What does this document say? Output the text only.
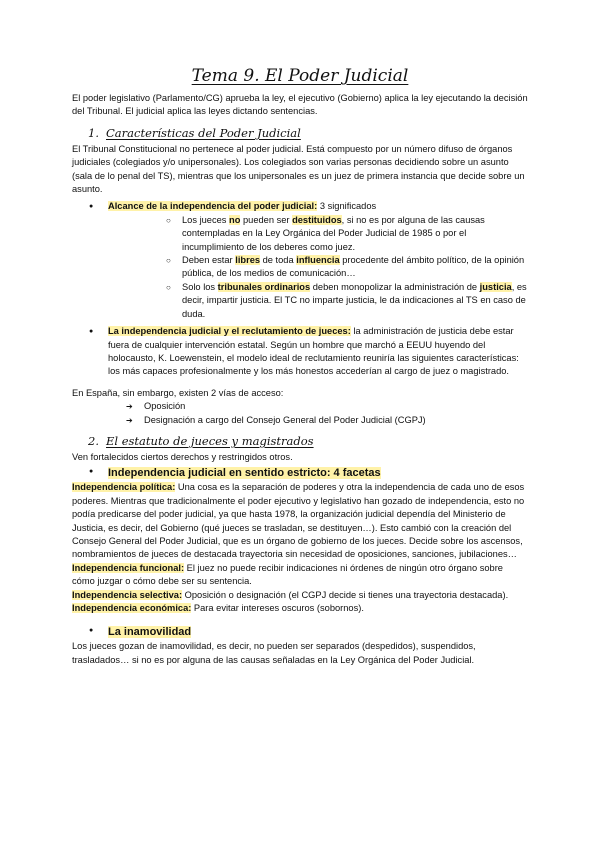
Tema 9. El Poder Judicial

El poder legislativo (Parlamento/CG) aprueba la ley, el ejecutivo (Gobierno) aplica la ley ejecutando la decisión del Tribunal. El judicial aplica las leyes dictando sentencias.

1. Características del Poder Judicial

El Tribunal Constitucional no pertenece al poder judicial. Está compuesto por un número difuso de órganos judiciales (colegiados y/o unipersonales). Los colegiados son varias personas decidiendo sobre un asunto (sala de lo penal del TS), mientras que los unipersonales es un juez de primera instancia que decide sobre un asunto.

● Alcance de la independencia del poder judicial: 3 significados
○ Los jueces no pueden ser destituidos, si no es por alguna de las causas contempladas en la Ley Orgánica del Poder Judicial de 1985 o por el incumplimiento de los deberes como juez.
○ Deben estar libres de toda influencia procedente del ámbito político, de la opinión pública, de los medios de comunicación…
○ Solo los tribunales ordinarios deben monopolizar la administración de justicia, es decir, impartir justicia. El TC no imparte justicia, le da indicaciones al TS en caso de duda.
● La independencia judicial y el reclutamiento de jueces: la administración de justicia debe estar fuera de cualquier intervención estatal. Según un hombre que marchó a EEUU huyendo del holocausto, K. Loewenstein, el modelo ideal de reclutamiento reuniría las siguientes características: los más capaces profesionalmente y los más honestos accederían al cargo de juez o magistrado.

En España, sin embargo, existen 2 vías de acceso:

➔ Oposición
➔ Designación a cargo del Consejo General del Poder Judicial (CGPJ)
2. El estatuto de jueces y magistrados

Ven fortalecidos ciertos derechos y restringidos otros.

● Independencia judicial en sentido estricto: 4 facetas

Independencia política: Una cosa es la separación de poderes y otra la independencia de cada uno de esos poderes. Mientras que tradicionalmente el poder ejecutivo y legislativo han gozado de independencia, esto no podía predicarse del poder judicial, ya que hasta 1978, la organización judicial dependía del Ministerio de Justicia, es decir, del Gobierno (qué jueces se trasladan, se destituyen…). Esto cambió con la creación del Consejo General del Poder Judicial, que es un órgano de gobierno de los jueces. Decide sobre los ascensos, nombramientos de jueces de destacada trayectoria sin necesidad de oposiciones, sanciones, jubilaciones…

Independencia funcional: El juez no puede recibir indicaciones ni órdenes de ningún otro órgano sobre cómo juzgar o cómo debe ser su sentencia.

Independencia selectiva: Oposición o designación (el CGPJ decide si tienes una trayectoria destacada).

Independencia económica: Para evitar intereses oscuros (sobornos).

● La inamovilidad

Los jueces gozan de inamovilidad, es decir, no pueden ser separados (despedidos), suspendidos, trasladados… si no es por alguna de las causas señaladas en la Ley Orgánica del Poder Judicial.
